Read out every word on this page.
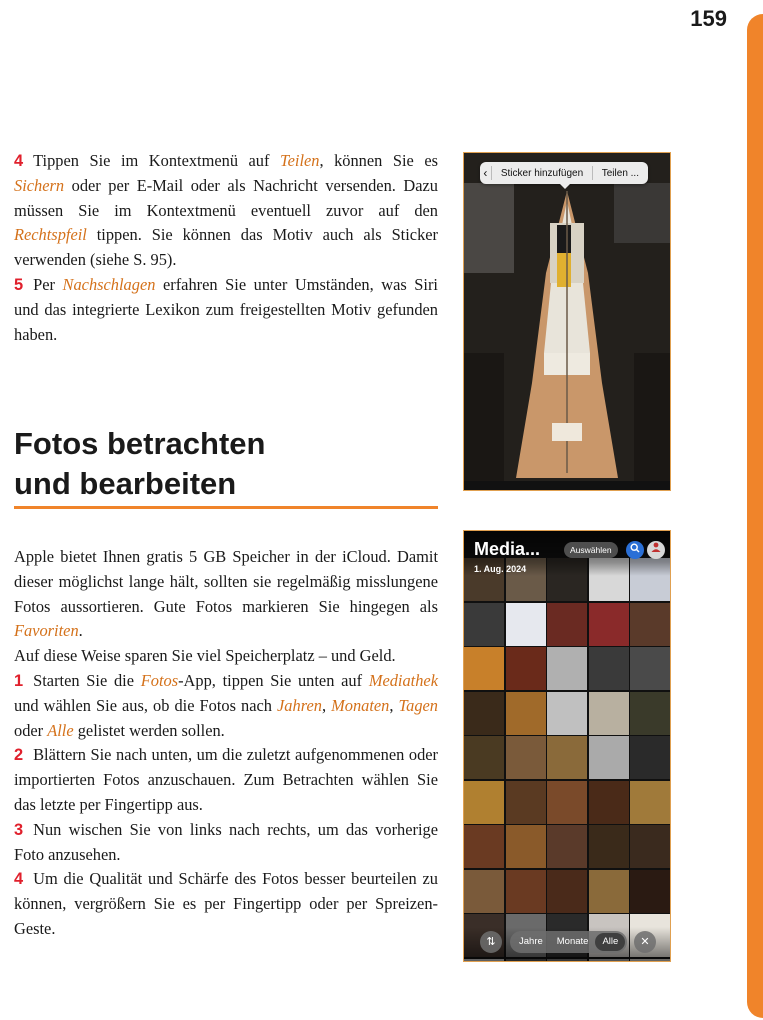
159

4 Tippen Sie im Kontextmenü auf Teilen, können Sie es Sichern oder per E-Mail oder als Nachricht versenden. Dazu müssen Sie im Kontextmenü eventuell zuvor auf den Rechtspfeil tippen. Sie können das Motiv auch als Sticker verwenden (siehe S. 95).

5 Per Nachschlagen erfahren Sie unter Umständen, was Siri und das integrierte Lexikon zum freigestellten Motiv gefunden haben.

Fotos betrachten
und bearbeiten

Apple bietet Ihnen gratis 5 GB Speicher in der iCloud. Damit dieser möglichst lange hält, sollten sie regelmäßig misslungene Fotos aussortieren. Gute Fotos markieren Sie hingegen als Favoriten.

Auf diese Weise sparen Sie viel Speicherplatz – und Geld.

1 Starten Sie die Fotos-App, tippen Sie unten auf Mediathek und wählen Sie aus, ob die Fotos nach Jahren, Monaten, Tagen oder Alle gelistet werden sollen.

2 Blättern Sie nach unten, um die zuletzt aufgenommenen oder importierten Fotos anzuschauen. Zum Betrachten wählen Sie das letzte per Fingertipp aus.

3 Nun wischen Sie von links nach rechts, um das vorherige Foto anzusehen.

4 Um die Qualität und Schärfe des Fotos besser beurteilen zu können, vergrößern Sie es per Fingertipp oder per Spreizen-Geste.

‹	Sticker hinzufügen	Teilen ...
Media...
1. Aug. 2024
Auswählen
⇅	Jahre	Monate	Alle	✕
